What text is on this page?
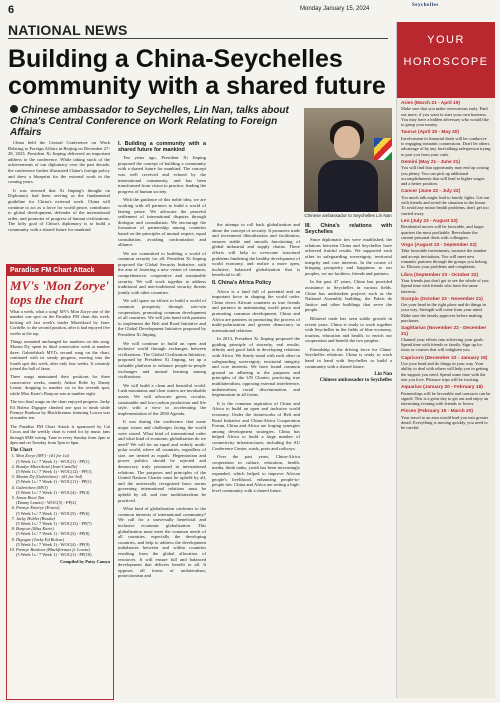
6	Monday January 15, 2024
$^{Seychelles}$
NATIONAL NEWS
Building a China-Seychelles community with a shared future
Chinese ambassador to Seychelles, Lin Nan, talks about China's Central Conference on Work Relating to Foreign Affairs

China held the Central Conference on Work Relating to Foreign Affairs in Beijing on December 27-28, 2023. President Xi Jinping delivered an important address to the conference. While taking stock of the achievements of our diplomacy over the past decade, the conference further illustrated China's foreign policy and drew a blueprint for the external work in the coming years.

It was stressed that Xi Jinping's thought on Diplomacy had been serving as the fundamental guideline for China's external work. China will continue to act as a force for world peace, contributor to global development, defender of the international order, and promoter of progress of human civilizations. The lofty goal of China's diplomacy is to build a community with a shared future for mankind.

Paradise FM Chart Attack
MV's 'Mon Zorye' tops the chart

What a week, what a song! MV's Mon Zorye one of the number one spot on the Paradise FM chart this week, kicking off last week's leader Mizerikord by Jean-Cordelle, to the second position, after it had enjoyed five weeks at the top.

Things remained unchanged for numbers on this song. Maxim Dy, spent its third consecutive week at number three. Gabrielshaft MVJ's second song on the chart, continued with its steady progress, moving into the fourth spot this week, after only four weeks. It certainly joined the hall of fame.

Three songs maintained their positions for three consecutive weeks, namely Ankoz Bolie by Danny Lenoir, dropping to number six in the seventh spot, while Miss Karie's Bonjour was at number eight.

The two final songs on the chart enjoyed progress. Jacky Ed Boleur Digogne climbed one spot to ninth while Premye Bonkour by Blackfiremax featuring Lowza was at number ten.

The Paradise FM Chart Attack is sponsored by Cat Cocos and the weekly chart is voted for by music fans through SMS voting. Tune in every Sunday from 2pm to 4pm and on Tuesday from 5pm to 6pm.

The Chart
1. Mon Zorye (MV) - (#1 for 1st)
(5 Week 1s / 7 Week 1) - WOC(1) - PP(1)
2. Bondye Mizerikord (Jean-Camille)
(5 Week 1s / 7 Week 1) - WOC(12) - PP(1)
3. Maxim Dy (Gabrielsen) - (#1 for 3rd)
(5 Week 1s / 7 Week 1) - WOC(11) - PP(1)
4. Gabrielsen (MVJ)
(5 Week 1s / 7 Week 1) - WOC(4) - PP(4)
5. Ansoz Bwoi Tan
(Danny Lenoir) - WOC(5) - PP(2)
6. Premye Enterye (Ernest)
(5 Week 1s / 7 Week 1) - WOC(5) - PP(6)
7. Jacky Hoblet (Bwuka)
(5 Week 1s / 7 Week 1) - WOC(13) - PP(7)
8. Bonjour (Miss Karie)
(5 Week 1s / 7 Week 1) - WOC(3) - PP(8)
9. Digogne (Jacky Ed Boleur)
(5 Week 1s / 7 Week 1) - WOC(4) - PP(9)
10. Premye Bonkour (Blackfiremax ft. Lowza)
(5 Week 1s / 7 Week 1) - WOC(1) - PP(10)
Compiled by Patsy Camya

I. Building a community with a shared future for mankind

Ten years ago, President Xi Jinping proposed the concept of building a community with a shared future for mankind. The concept was well received and echoed by the international community, and has been transformed from vision to practice, leading the progress of human society.

With the guidance of this noble idea, we are working with all partners to build a world of lasting peace. We advocate the peaceful settlement of international disputes through dialogue and consultation. We encourage the formation of partnership among countries based on the principles of mutual respect, equal consultation, avoiding confrontation and alliance.

We are committed to building a world of common security for all. President Xi Jinping proposed the Global Security Initiative, with the aim of fostering a new vision of common, comprehensive, cooperative and sustainable security. We will work together to address traditional and non-traditional security threats jointly with other countries.

We will spare no efforts to build a world of common prosperity through win-win cooperation, promoting common development of all countries. We will join hand with partners to implement the Belt and Road Initiative and the Global Development Initiative proposed by President Xi Jinping.

We will continue to build an open and inclusive world through exchanges between civilizations. The Global Civilization Initiative, proposed by President Xi Jinping, set up a valuable platform to enhance people-to-people exchanges and mutual learning among civilizations.

We will build a clean and beautiful world. Lush mountains and clear waters are invaluable assets. We will advocate green, circular, sustainable and low-carbon production and life style, with a view to accelerating the implementation of the 2030 Agenda.

It was during the conference that some major issues and challenges facing the world were raised. What kind of international order and what kind of economic globalization do we need? We call for an equal and orderly multi-polar world, where all countries, regardless of size, are treated as equals. Hegemonism and power politics should be rejected and democracy truly promoted in international relations. The purposes and principles of the United Nations Charter must be upheld by all, and the universally recognized basic norms governing international relations must be upheld by all, and true multilateralism be practiced.

What kind of globalization conforms to the common interests of international community? We call for a universally beneficial and inclusive economic globalization. This globalization must meet the common needs of all countries, especially the developing countries, and help to address the development imbalances between and within countries resulting from the global allocation of resources. It will ensure full and balanced development that delivers benefit to all. It opposes all forms of unilateralism, protectionism and

Chinese ambassador to Seychelles Lin Nan

the attempt to roll back globalization and abuse the concept of security. It promotes trade and investment liberalization and facilitation, ensures stable and smooth functioning of global industrial and supply chains. These efforts will help to overcome structural problems hindering the healthy development of world economy, and realize a more open, inclusive, balanced globalization that is beneficial to all.

II. China's Africa Policy

Africa is a land full of potential and an important force in shaping the world order. China views African countries as true friends and partners in maintaining world peace and promoting common development. China and Africa are partners in promoting the process of multi-polarization and greater democracy in international relations.

In 2013, President Xi Jinping proposed the guiding principle of sincerity, real results, affinity and good faith in developing relations with Africa. We firmly stand with each other in safeguarding sovereignty, territorial integrity and core interests. We have found common ground on adhering to the purposes and principles of the UN Charter, practicing true multilateralism, opposing external interference, unilateralism, racial discrimination, and hegemonism in all forms.

It is the common aspiration of China and Africa to build an open and inclusive world economy. Under the frameworks of Belt and Road Initiative and China-Africa Cooperation Forum, China and Africa are forging synergies among development strategies. China has helped Africa to build a large number of connectivity infrastructures, including the AU Conference Center, roads, ports and railways.

Over the past years, China-Africa cooperation in culture, education, health, media, think tanks, youth has been increasingly expanded, which helped to improve African people's livelihood, enhancing people-to-people ties. China and Africa are setting a high-level community with a shared future.

III. China's relations with Seychelles

Since diplomatic ties were established, the relations between China and Seychelles have achieved fruitful results. We supported each other in safeguarding sovereignty, territorial integrity and core interests. In the course of bringing prosperity and happiness to our peoples, we are brothers, friends and partners.

In the past 47 years, China has provided assistance to Seychelles in various fields. China has undertaken projects such as the National Assembly building, the Palais de Justice and other buildings that serve the people.

Bilateral trade has seen stable growth in recent years. China is ready to work together with Seychelles in the fields of blue economy, tourism, education and health, to enrich our cooperation and benefit the two peoples.

Friendship is the driving force for China-Seychelles relations. China is ready to work hand in hand with Seychelles to build a community with a shared future.

Lin Nan
Chinese ambassador to Seychelles

YOUR
HOROSCOPE
Aries (March 21 - April 19)
Make sure that you make reservations early. Find out more, if you want to start your own business. You may have a hidden adversary who would like to grasp your money.
Taurus (April 20 - May 20)
Involvement in financial deals will be conducive to engaging romantic connections. Don't let others advantage of by any fast-talking salesperson trying to part you from your cash.
Gemini (May 21 - June 21)
You will find that opportunity may end up costing you plenty. You can pick up additional accomplishments that will lead to higher wages and a better position.
Cancer (June 22 - July 22)
Too much talk might lead to family fights. Get out with friends and avoid the situation in the house. To avoid any minor health problems, don't get too carried away.
Leo (July 23 - August 22)
Residential moves will be favorable, and larger quarters the most profitable. Reevaluate the current personal deals with colleagues.
Virgo (August 23 - September 22)
Take favorable investments, increase the number and accept invitations. You will meet new romantic partners through the groups you belong to. Discuss your problems and complaints.
Libra (September 23 - October 22)
Your friends just don't get to see the whole of you. Spend time with friends who have the same interests.
Scorpio (October 23 - November 21)
Get your head in the right place and do things in your way. Strength will come from your mind. Make sure the family approves before making purchases.
Sagittarius (November 22 - December 21)
Channel your efforts into achieving your goals. Spend time with friends or family. Sign up for tours or courses that will enlighten you.
Capricorn (December 22 - January 19)
Use your head and do things in your way. Your ability to deal with others will help you in getting the support you need. Spend some time with the one you love. Pleasure trips will be exciting.
Aquarius (January 20 - February 18)
Partnerships will be favorable and contracts can be signed. This is a great day to get out and enjoy an interesting evening with friends or lovers.
Pisces (February 19 - March 20)
Your travel to an area would lead you into greater detail. Everything is moving quickly, you need to be careful.
